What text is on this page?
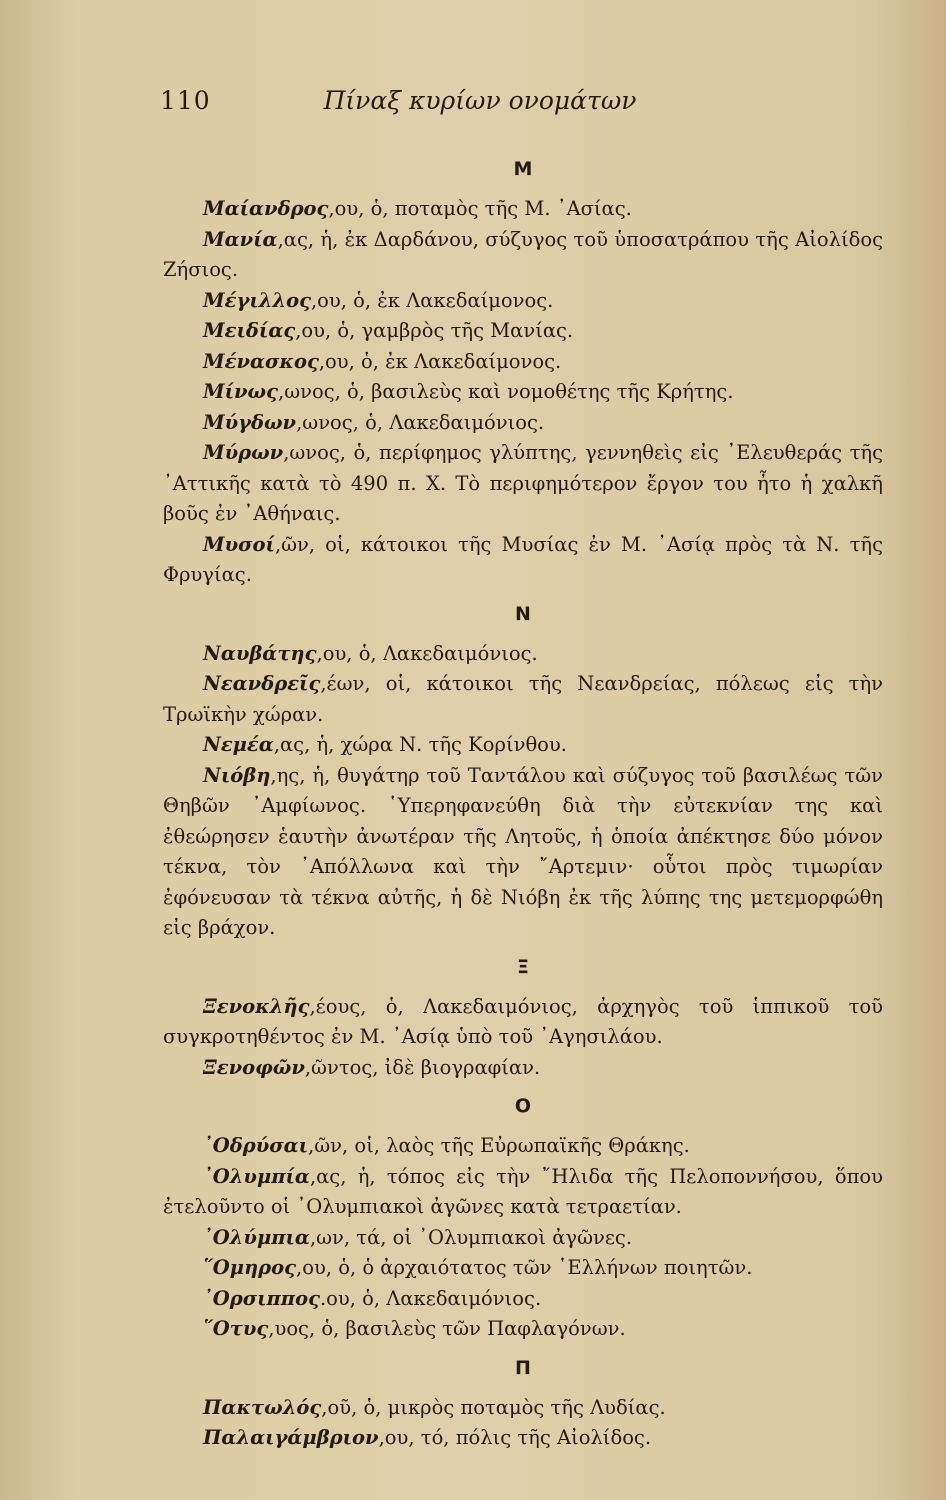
110	Πίναξ κυρίων ονομάτων
Μ

Μαίανδρος,ου, ὁ, ποταμὸς τῆς Μ. ᾿Ασίας.

Μανία,ας, ἡ, ἐκ Δαρδάνου, σύζυγος τοῦ ὑποσατράπου τῆς Αἰολίδος Ζήσιος.

Μέγιλλος,ου, ὁ, ἐκ Λακεδαίμονος.

Μειδίας,ου, ὁ, γαμβρὸς τῆς Μανίας.

Μένασκος,ου, ὁ, ἐκ Λακεδαίμονος.

Μίνως,ωνος, ὁ, βασιλεὺς καὶ νομοθέτης τῆς Κρήτης.

Μύγδων,ωνος, ὁ, Λακεδαιμόνιος.

Μύρων,ωνος, ὁ, περίφημος γλύπτης, γεννηθεὶς εἰς ᾿Ελευθεράς τῆς ᾿Αττικῆς κατὰ τὸ 490 π. Χ. Τὸ περιφημότερον ἔργον του ἦτο ἡ χαλκῆ βοῦς ἐν ᾿Αθήναις.

Μυσοί,ῶν, οἱ, κάτοικοι τῆς Μυσίας ἐν Μ. ᾿Ασίᾳ πρὸς τὰ Ν. τῆς Φρυγίας.

Ν

Ναυβάτης,ου, ὁ, Λακεδαιμόνιος.

Νεανδρεῖς,έων, οἱ, κάτοικοι τῆς Νεανδρείας, πόλεως εἰς τὴν Τρωϊκὴν χώραν.

Νεμέα,ας, ἡ, χώρα Ν. τῆς Κορίνθου.

Νιόβη,ης, ἡ, θυγάτηρ τοῦ Ταντάλου καὶ σύζυγος τοῦ βασιλέως τῶν Θηβῶν ᾿Αμφίωνος. ῾Υπερηφανεύθη διὰ τὴν εὐτεκνίαν της καὶ ἐθεώρησεν ἑαυτὴν ἀνωτέραν τῆς Λητοῦς, ἡ ὁποία ἀπέκτησε δύο μόνον τέκνα, τὸν ᾿Απόλλωνα καὶ τὴν ῎Αρτεμιν· οὗτοι πρὸς τιμωρίαν ἐφόνευσαν τὰ τέκνα αὐτῆς, ἡ δὲ Νιόβη ἐκ τῆς λύπης της μετεμορφώθη εἰς βράχον.

Ξ

Ξενοκλῆς,έους, ὁ, Λακεδαιμόνιος, ἀρχηγὸς τοῦ ἱππικοῦ τοῦ συγκροτηθέντος ἐν Μ. ᾿Ασίᾳ ὑπὸ τοῦ ᾿Αγησιλάου.

Ξενοφῶν,ῶντος, ἰδὲ βιογραφίαν.

Ο

᾿Οδρύσαι,ῶν, οἱ, λαὸς τῆς Εὐρωπαϊκῆς Θράκης.

᾿Ολυμπία,ας, ἡ, τόπος εἰς τὴν ῎Ηλιδα τῆς Πελοποννήσου, ὅπου ἐτελοῦντο οἱ ᾿Ολυμπιακοὶ ἀγῶνες κατὰ τετραετίαν.

᾿Ολύμπια,ων, τά, οἱ ᾿Ολυμπιακοὶ ἀγῶνες.

῞Ομηρος,ου, ὁ, ὁ ἀρχαιότατος τῶν ῾Ελλήνων ποιητῶν.

᾿Ορσιππος.ου, ὁ, Λακεδαιμόνιος.

῞Οτυς,υος, ὁ, βασιλεὺς τῶν Παφλαγόνων.

Π

Πακτωλός,οῦ, ὁ, μικρὸς ποταμὸς τῆς Λυδίας.

Παλαιγάμβριον,ου, τό, πόλις τῆς Αἰολίδος.
